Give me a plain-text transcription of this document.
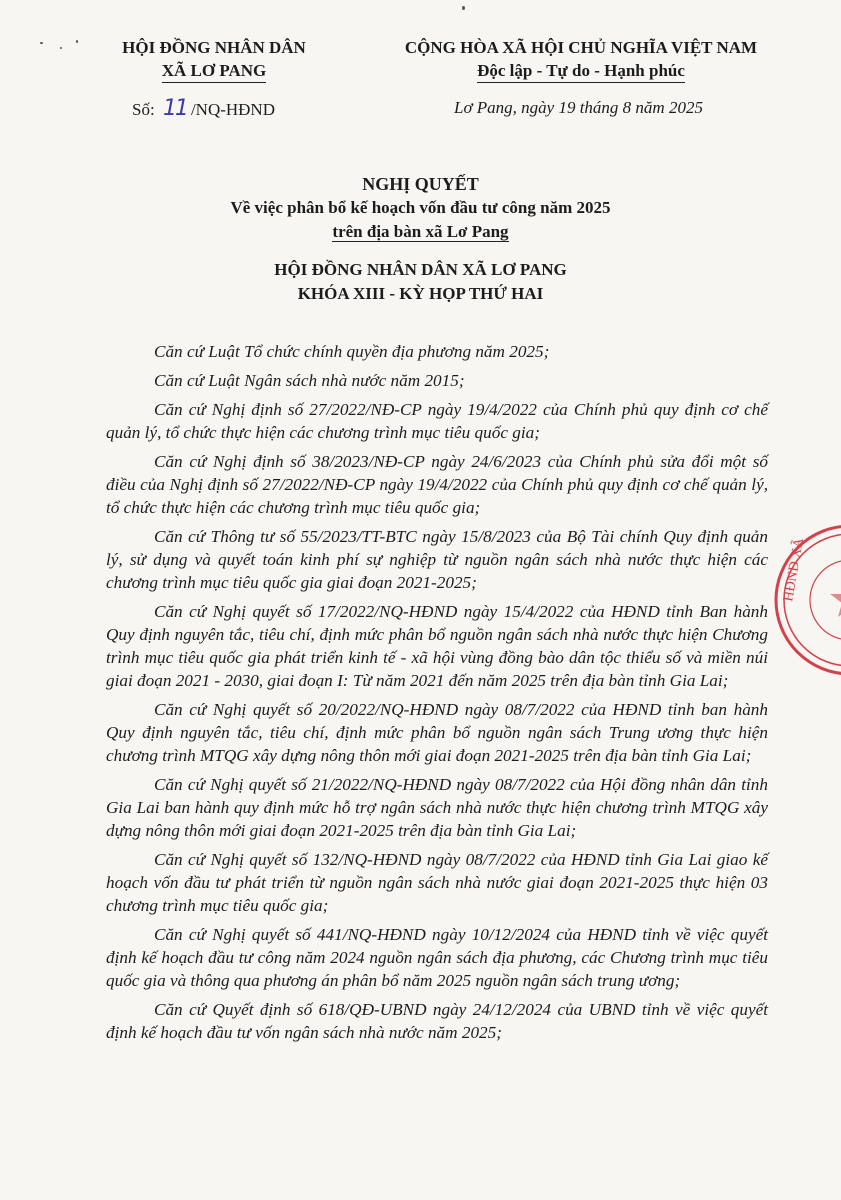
HỘI ĐỒNG NHÂN DÂN
XÃ LƠ PANG
CỘNG HÒA XÃ HỘI CHỦ NGHĨA VIỆT NAM
Độc lập - Tự do - Hạnh phúc
Số: 11 /NQ-HĐND	Lơ Pang, ngày 19 tháng 8 năm 2025
NGHỊ QUYẾT
Về việc phân bổ kế hoạch vốn đầu tư công năm 2025
trên địa bàn xã Lơ Pang
HỘI ĐỒNG NHÂN DÂN XÃ LƠ PANG
KHÓA XIII - KỲ HỌP THỨ HAI

Căn cứ Luật Tổ chức chính quyền địa phương năm 2025;

Căn cứ Luật Ngân sách nhà nước năm 2015;

Căn cứ Nghị định số 27/2022/NĐ-CP ngày 19/4/2022 của Chính phủ quy định cơ chế quản lý, tổ chức thực hiện các chương trình mục tiêu quốc gia;

Căn cứ Nghị định số 38/2023/NĐ-CP ngày 24/6/2023 của Chính phủ sửa đổi một số điều của Nghị định số 27/2022/NĐ-CP ngày 19/4/2022 của Chính phủ quy định cơ chế quản lý, tổ chức thực hiện các chương trình mục tiêu quốc gia;

Căn cứ Thông tư số 55/2023/TT-BTC ngày 15/8/2023 của Bộ Tài chính Quy định quản lý, sử dụng và quyết toán kinh phí sự nghiệp từ nguồn ngân sách nhà nước thực hiện các chương trình mục tiêu quốc gia giai đoạn 2021-2025;

Căn cứ Nghị quyết số 17/2022/NQ-HĐND ngày 15/4/2022 của HĐND tỉnh Ban hành Quy định nguyên tắc, tiêu chí, định mức phân bổ nguồn ngân sách nhà nước thực hiện Chương trình mục tiêu quốc gia phát triển kinh tế - xã hội vùng đồng bào dân tộc thiểu số và miền núi giai đoạn 2021 - 2030, giai đoạn I: Từ năm 2021 đến năm 2025 trên địa bàn tỉnh Gia Lai;

Căn cứ Nghị quyết số 20/2022/NQ-HĐND ngày 08/7/2022 của HĐND tỉnh ban hành Quy định nguyên tắc, tiêu chí, định mức phân bổ nguồn ngân sách Trung ương thực hiện chương trình MTQG xây dựng nông thôn mới giai đoạn 2021-2025 trên địa bàn tỉnh Gia Lai;

Căn cứ Nghị quyết số 21/2022/NQ-HĐND ngày 08/7/2022 của Hội đồng nhân dân tỉnh Gia Lai ban hành quy định mức hỗ trợ ngân sách nhà nước thực hiện chương trình MTQG xây dựng nông thôn mới giai đoạn 2021-2025 trên địa bàn tỉnh Gia Lai;

Căn cứ Nghị quyết số 132/NQ-HĐND ngày 08/7/2022 của HĐND tỉnh Gia Lai giao kế hoạch vốn đầu tư phát triển từ nguồn ngân sách nhà nước giai đoạn 2021-2025 thực hiện 03 chương trình mục tiêu quốc gia;

Căn cứ Nghị quyết số 441/NQ-HĐND ngày 10/12/2024 của HĐND tỉnh về việc quyết định kế hoạch đầu tư công năm 2024 nguồn ngân sách địa phương, các Chương trình mục tiêu quốc gia và thông qua phương án phân bổ năm 2025 nguồn ngân sách trung ương;

Căn cứ Quyết định số 618/QĐ-UBND ngày 24/12/2024 của UBND tỉnh về việc quyết định kế hoạch đầu tư vốn ngân sách nhà nước năm 2025;

HĐND XÃ
